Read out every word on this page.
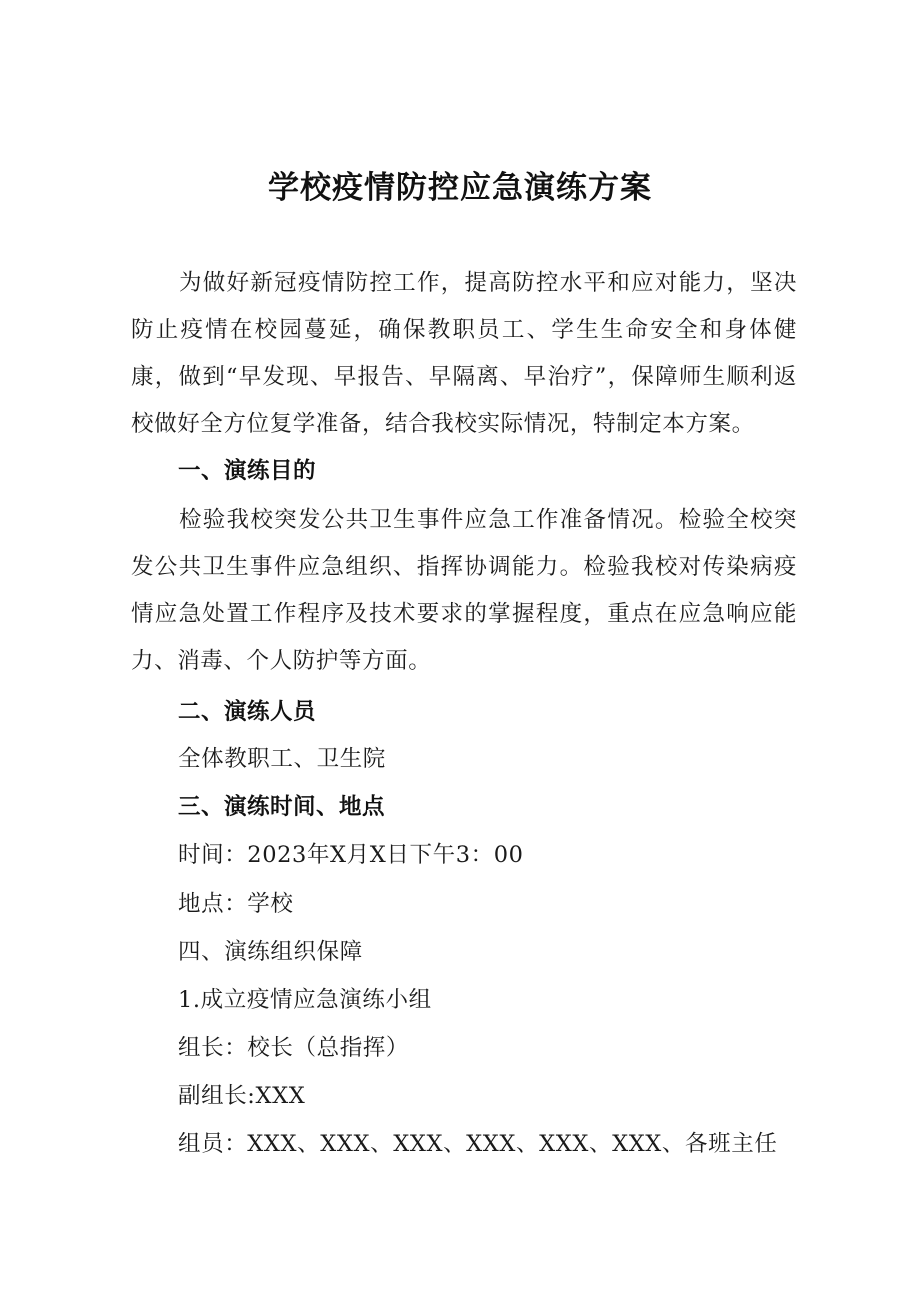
学校疫情防控应急演练方案
为做好新冠疫情防控工作，提高防控水平和应对能力，坚决防止疫情在校园蔓延，确保教职员工、学生生命安全和身体健康，做到“早发现、早报告、早隔离、早治疗”，保障师生顺利返校做好全方位复学准备，结合我校实际情况，特制定本方案。
一、演练目的
检验我校突发公共卫生事件应急工作准备情况。检验全校突发公共卫生事件应急组织、指挥协调能力。检验我校对传染病疫情应急处置工作程序及技术要求的掌握程度，重点在应急响应能力、消毒、个人防护等方面。
二、演练人员
全体教职工、卫生院
三、演练时间、地点
时间：2023年X月X日下午3：00
地点：学校
四、演练组织保障
1.成立疫情应急演练小组
组长：校长（总指挥）
副组长:XXX
组员：XXX、XXX、XXX、XXX、XXX、XXX、各班主任
